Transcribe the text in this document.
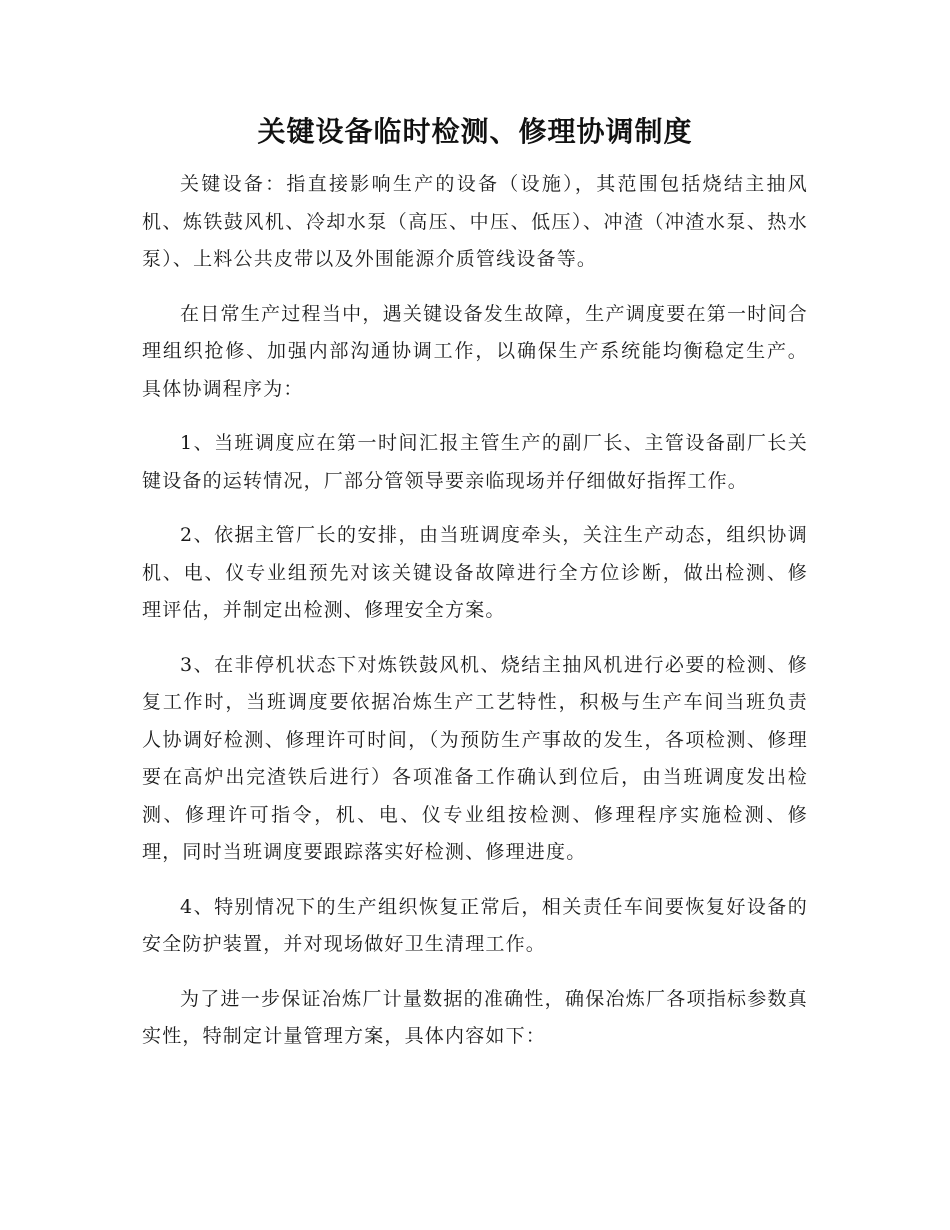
关键设备临时检测、修理协调制度

关键设备：指直接影响生产的设备（设施），其范围包括烧结主抽风机、炼铁鼓风机、冷却水泵（高压、中压、低压）、冲渣（冲渣水泵、热水泵）、上料公共皮带以及外围能源介质管线设备等。

在日常生产过程当中，遇关键设备发生故障，生产调度要在第一时间合理组织抢修、加强内部沟通协调工作，以确保生产系统能均衡稳定生产。具体协调程序为：

1、当班调度应在第一时间汇报主管生产的副厂长、主管设备副厂长关键设备的运转情况，厂部分管领导要亲临现场并仔细做好指挥工作。

2、依据主管厂长的安排，由当班调度牵头，关注生产动态，组织协调机、电、仪专业组预先对该关键设备故障进行全方位诊断，做出检测、修理评估，并制定出检测、修理安全方案。

3、在非停机状态下对炼铁鼓风机、烧结主抽风机进行必要的检测、修复工作时，当班调度要依据冶炼生产工艺特性，积极与生产车间当班负责人协调好检测、修理许可时间，（为预防生产事故的发生，各项检测、修理要在高炉出完渣铁后进行）各项准备工作确认到位后，由当班调度发出检测、修理许可指令，机、电、仪专业组按检测、修理程序实施检测、修理，同时当班调度要跟踪落实好检测、修理进度。

4、特别情况下的生产组织恢复正常后，相关责任车间要恢复好设备的安全防护装置，并对现场做好卫生清理工作。

为了进一步保证冶炼厂计量数据的准确性，确保冶炼厂各项指标参数真实性，特制定计量管理方案，具体内容如下：
